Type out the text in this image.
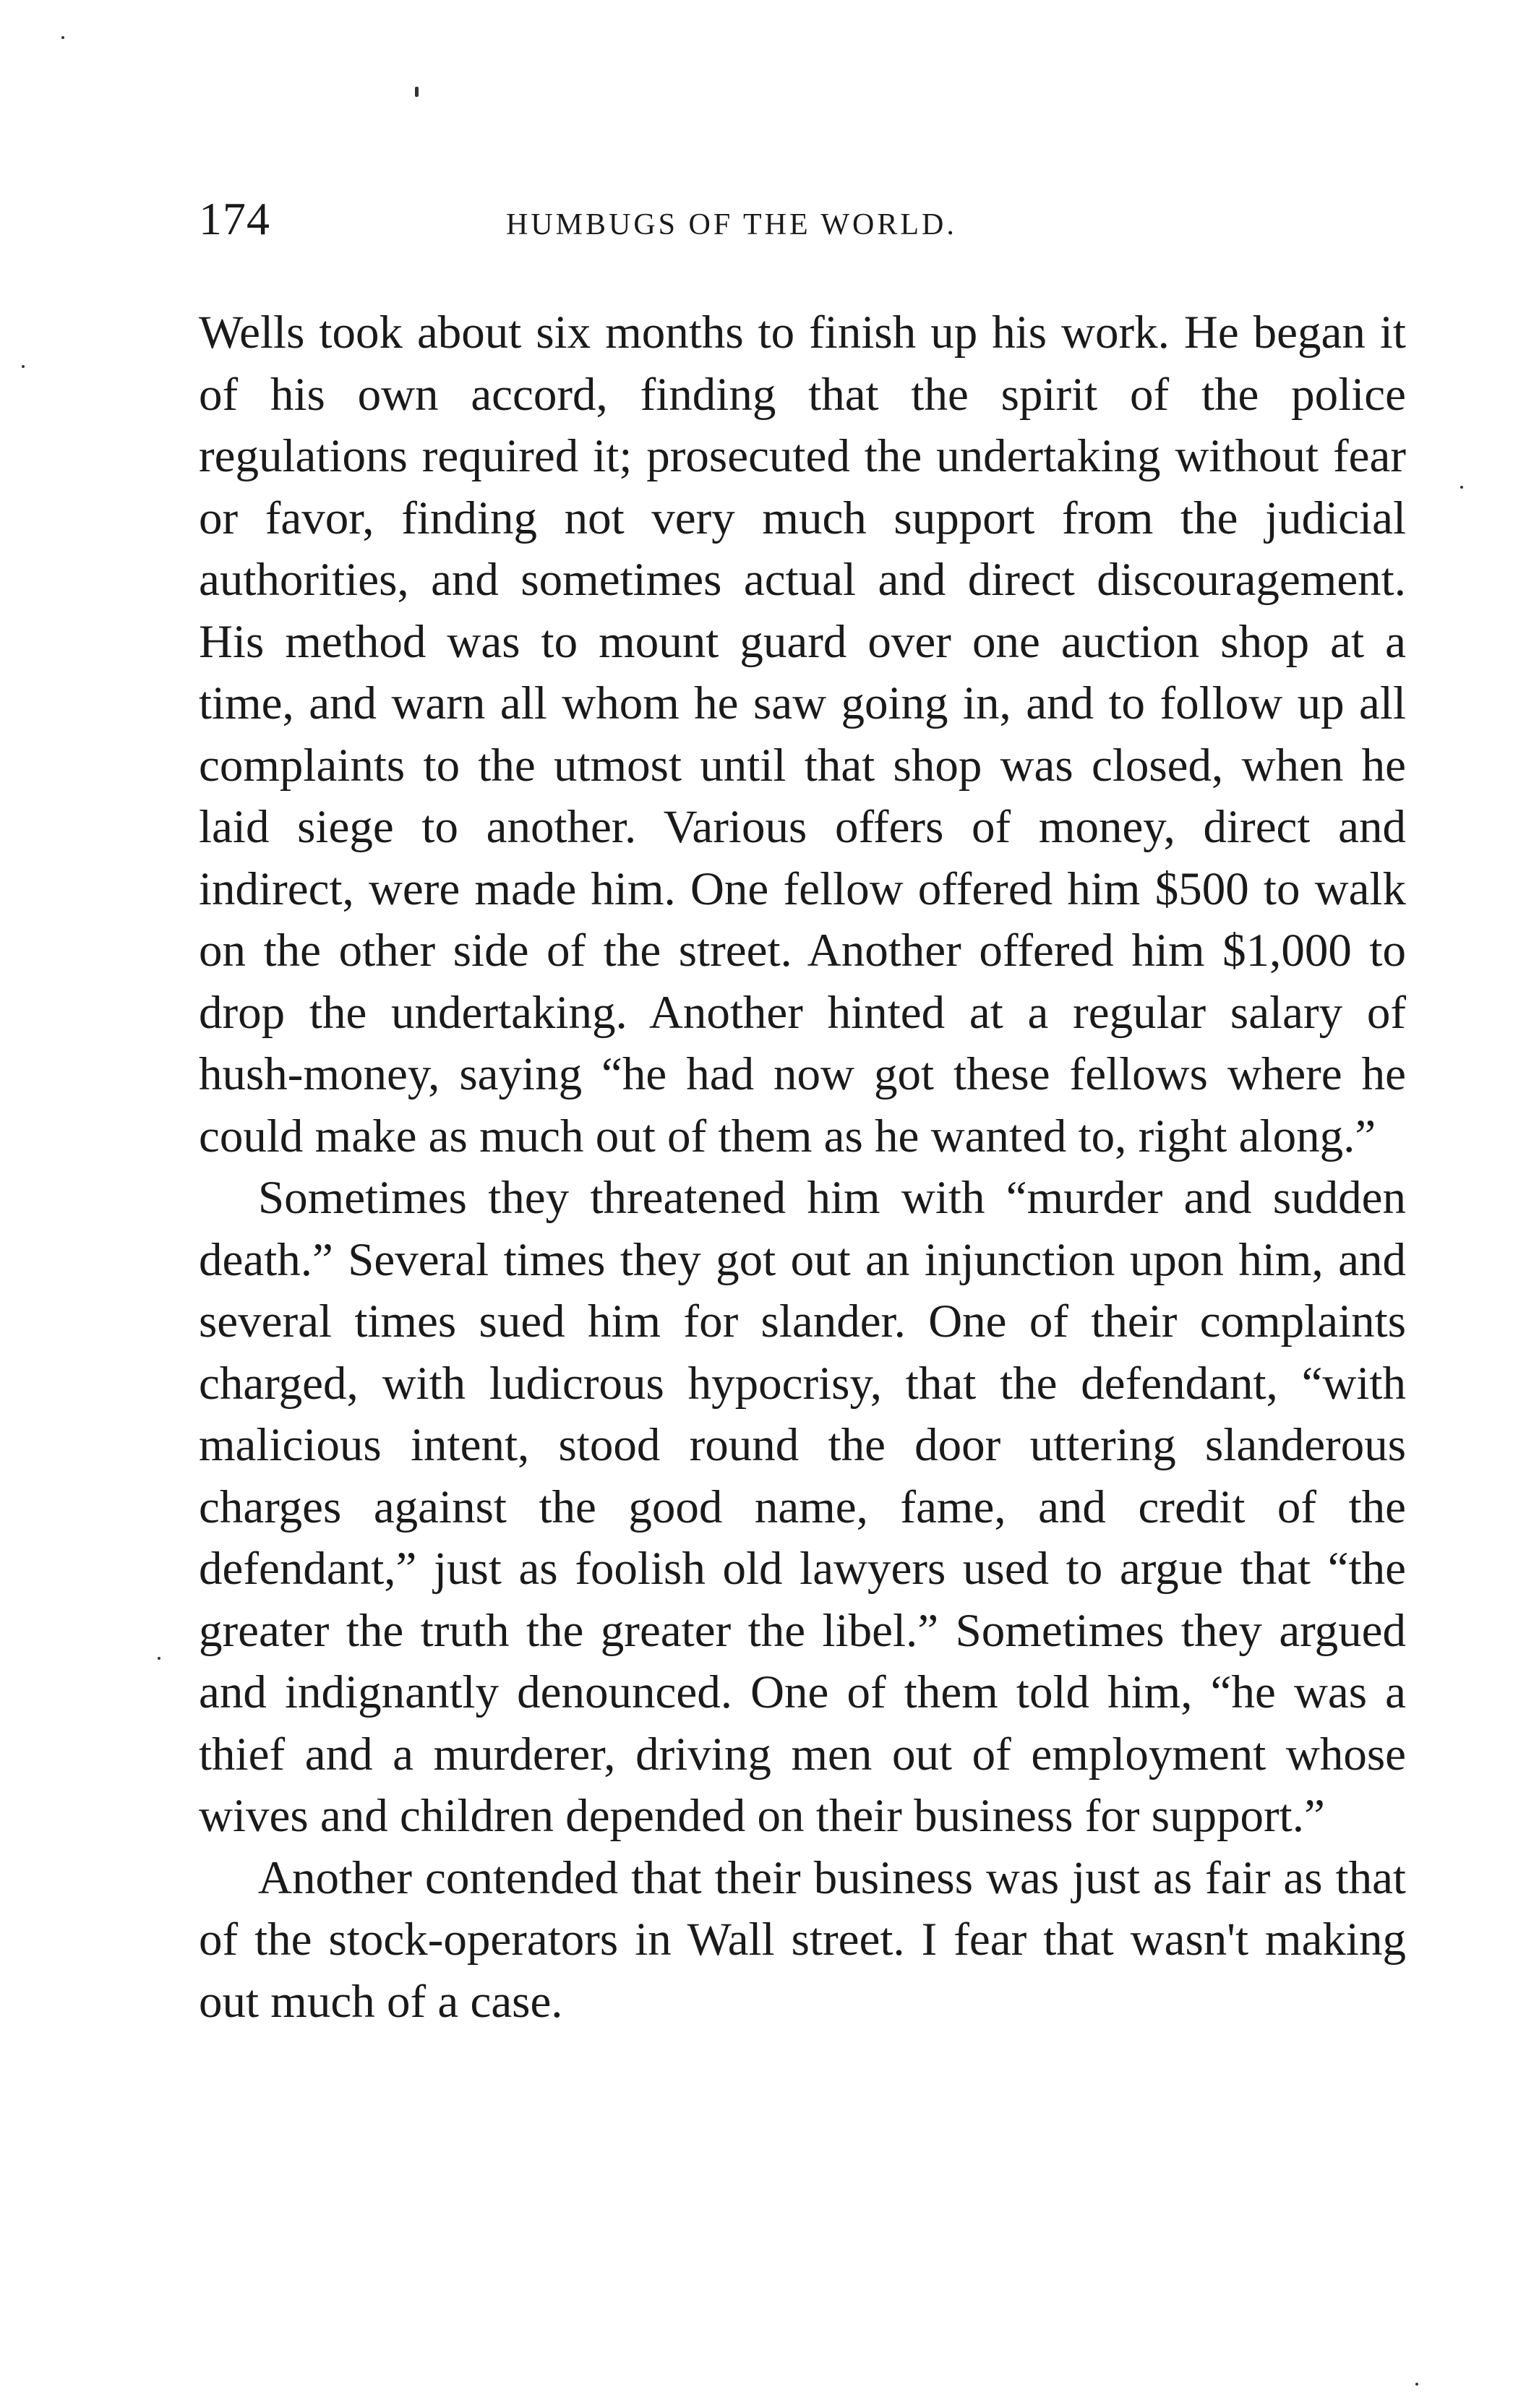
174	HUMBUGS OF THE WORLD.

Wells took about six months to finish up his work. He began it of his own accord, finding that the spirit of the police regulations required it; prosecuted the undertaking without fear or favor, finding not very much support from the judicial authorities, and sometimes actual and direct discouragement. His method was to mount guard over one auction shop at a time, and warn all whom he saw going in, and to follow up all complaints to the utmost until that shop was closed, when he laid siege to another. Various offers of money, direct and indirect, were made him. One fellow offered him $500 to walk on the other side of the street. Another offered him $1,000 to drop the undertaking. Another hinted at a regular salary of hush-money, saying “he had now got these fellows where he could make as much out of them as he wanted to, right along.”

Sometimes they threatened him with “murder and sudden death.” Several times they got out an injunction upon him, and several times sued him for slander. One of their complaints charged, with ludicrous hypocrisy, that the defendant, “with malicious intent, stood round the door uttering slanderous charges against the good name, fame, and credit of the defendant,” just as foolish old lawyers used to argue that “the greater the truth the greater the libel.” Sometimes they argued and indignantly denounced. One of them told him, “he was a thief and a murderer, driving men out of employment whose wives and children depended on their business for support.”

Another contended that their business was just as fair as that of the stock-operators in Wall street. I fear that wasn't making out much of a case.
